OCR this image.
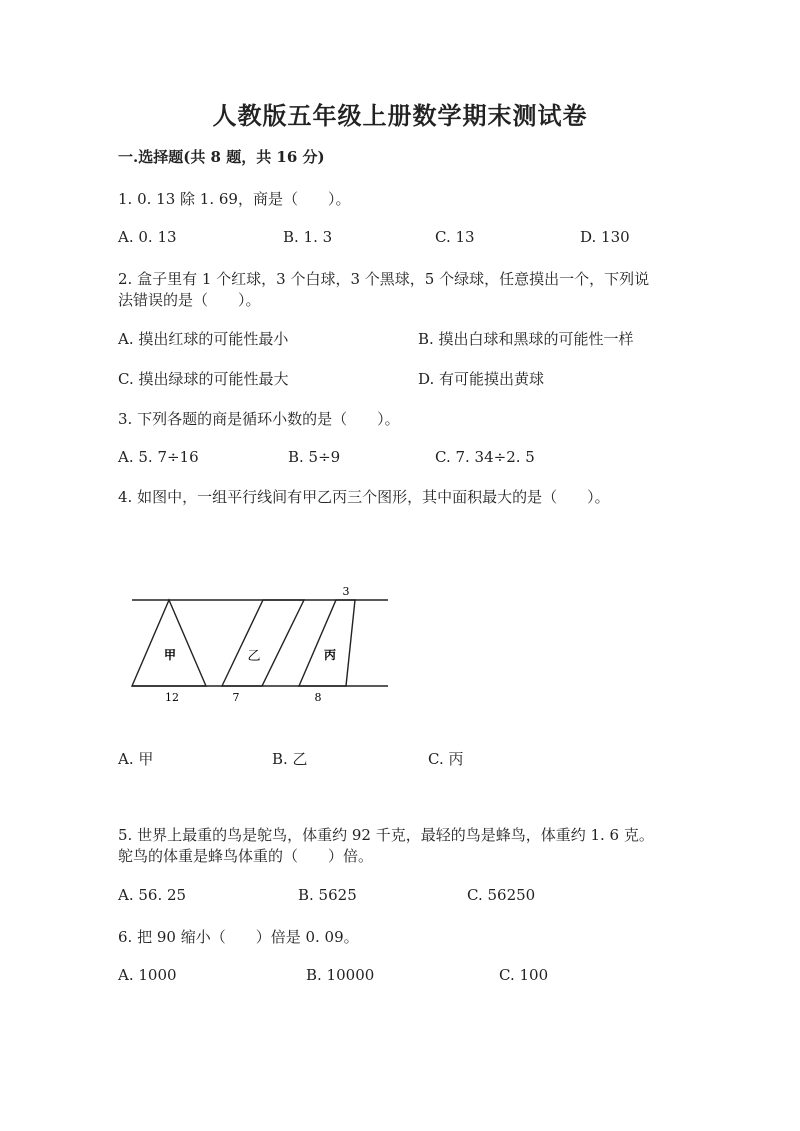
人教版五年级上册数学期末测试卷
一.选择题(共 8 题，共 16 分)
1. 0. 13 除 1. 69，商是（　　）。
A. 0. 13	B. 1. 3	C. 13	D. 130
2. 盒子里有 1 个红球，3 个白球，3 个黑球，5 个绿球，任意摸出一个，下列说
法错误的是（　　）。
A. 摸出红球的可能性最小	B. 摸出白球和黑球的可能性一样
C. 摸出绿球的可能性最大	D. 有可能摸出黄球
3. 下列各题的商是循环小数的是（　　）。
A. 5. 7÷16	B. 5÷9	C. 7. 34÷2. 5
4. 如图中，一组平行线间有甲乙丙三个图形，其中面积最大的是（　　）。
甲	乙	丙
3
12	7	8
A. 甲	B. 乙	C. 丙
5. 世界上最重的鸟是鸵鸟，体重约 92 千克，最轻的鸟是蜂鸟，体重约 1. 6 克。
鸵鸟的体重是蜂鸟体重的（　　）倍。
A. 56. 25	B. 5625	C. 56250
6. 把 90 缩小（　　）倍是 0. 09。
A. 1000	B. 10000	C. 100
